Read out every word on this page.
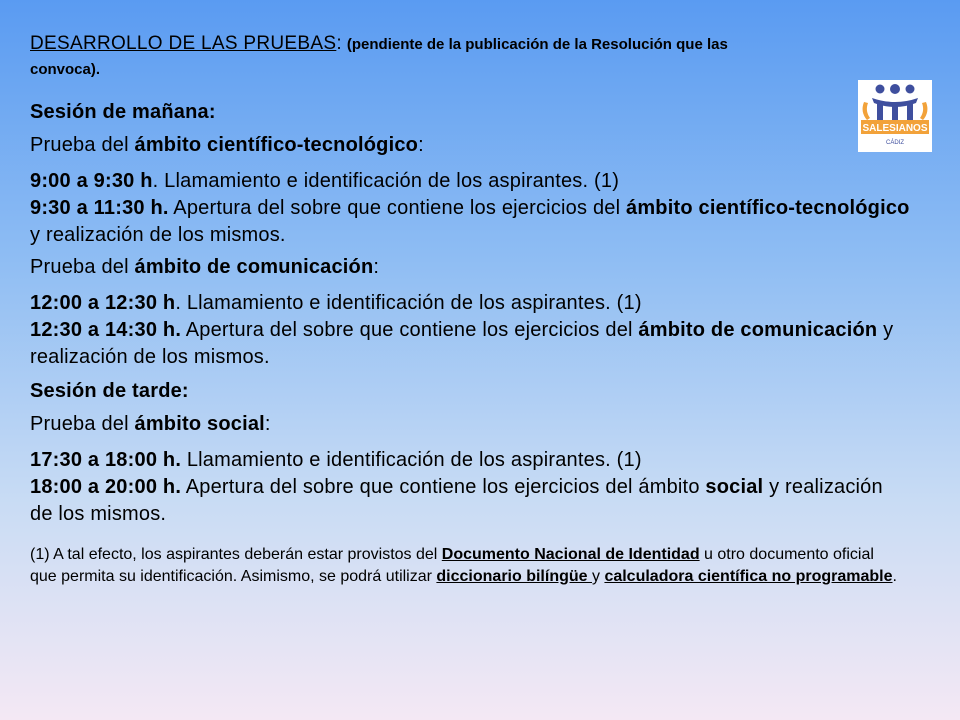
DESARROLLO DE LAS PRUEBAS: (pendiente de la publicación de la Resolución que las
convoca).

Sesión de mañana:

Prueba del ámbito científico-tecnológico:

9:00 a 9:30 h. Llamamiento e identificación de los aspirantes. (1)
9:30 a 11:30 h. Apertura del sobre que contiene los ejercicios del ámbito científico-tecnológico y realización de los mismos.

Prueba del ámbito de comunicación:

12:00 a 12:30 h. Llamamiento e identificación de los aspirantes. (1)
12:30 a 14:30 h. Apertura del sobre que contiene los ejercicios del ámbito de comunicación y realización de los mismos.

Sesión de tarde:

Prueba del ámbito social:

17:30 a 18:00 h. Llamamiento e identificación de los aspirantes. (1)
18:00 a 20:00 h. Apertura del sobre que contiene los ejercicios del ámbito social y realización de los mismos.

(1) A tal efecto, los aspirantes deberán estar provistos del Documento Nacional de Identidad u otro documento oficial que permita su identificación. Asimismo, se podrá utilizar diccionario bilíngüe y calculadora científica no programable.

SALESIANOS
CÁDIZ
